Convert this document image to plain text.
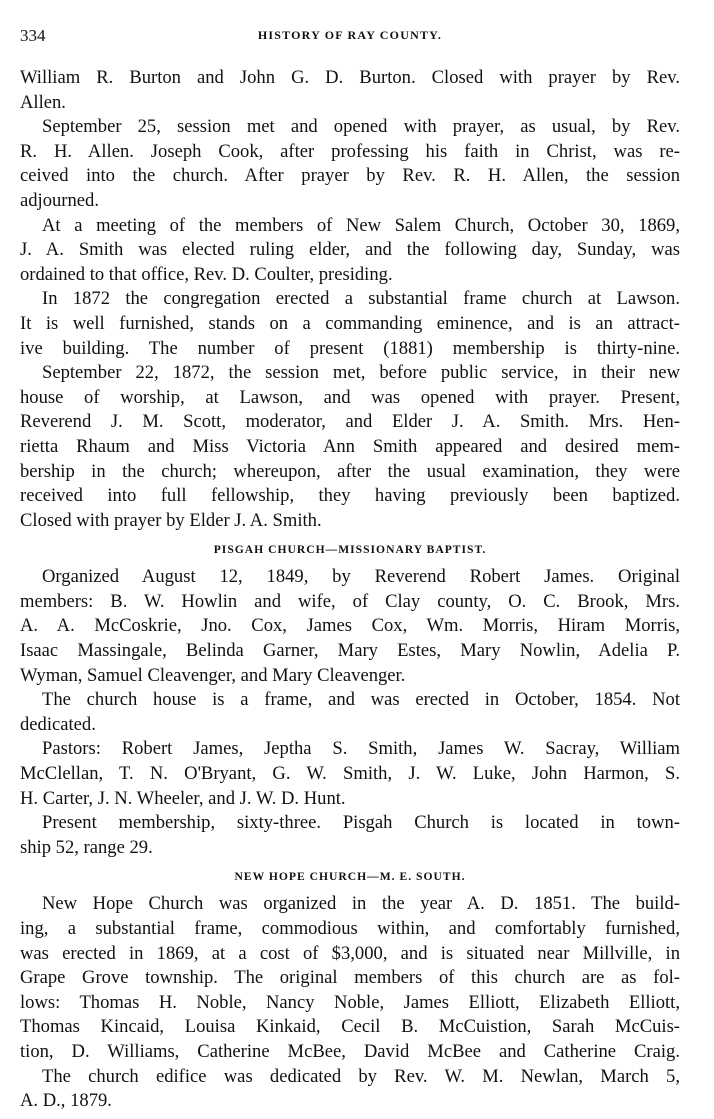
334	HISTORY OF RAY COUNTY.

William R. Burton and John G. D. Burton. Closed with prayer by Rev.
Allen.

September 25, session met and opened with prayer, as usual, by Rev.
R. H. Allen. Joseph Cook, after professing his faith in Christ, was re-
ceived into the church. After prayer by Rev. R. H. Allen, the session
adjourned.

At a meeting of the members of New Salem Church, October 30, 1869,
J. A. Smith was elected ruling elder, and the following day, Sunday, was
ordained to that office, Rev. D. Coulter, presiding.

In 1872 the congregation erected a substantial frame church at Lawson.
It is well furnished, stands on a commanding eminence, and is an attract-
ive building. The number of present (1881) membership is thirty-nine.

September 22, 1872, the session met, before public service, in their new
house of worship, at Lawson, and was opened with prayer. Present,
Reverend J. M. Scott, moderator, and Elder J. A. Smith. Mrs. Hen-
rietta Rhaum and Miss Victoria Ann Smith appeared and desired mem-
bership in the church; whereupon, after the usual examination, they were
received into full fellowship, they having previously been baptized.
Closed with prayer by Elder J. A. Smith.

PISGAH CHURCH—MISSIONARY BAPTIST.

Organized August 12, 1849, by Reverend Robert James. Original
members: B. W. Howlin and wife, of Clay county, O. C. Brook, Mrs.
A. A. McCoskrie, Jno. Cox, James Cox, Wm. Morris, Hiram Morris,
Isaac Massingale, Belinda Garner, Mary Estes, Mary Nowlin, Adelia P.
Wyman, Samuel Cleavenger, and Mary Cleavenger.

The church house is a frame, and was erected in October, 1854. Not
dedicated.

Pastors: Robert James, Jeptha S. Smith, James W. Sacray, William
McClellan, T. N. O'Bryant, G. W. Smith, J. W. Luke, John Harmon, S.
H. Carter, J. N. Wheeler, and J. W. D. Hunt.

Present membership, sixty-three. Pisgah Church is located in town-
ship 52, range 29.

NEW HOPE CHURCH—M. E. SOUTH.

New Hope Church was organized in the year A. D. 1851. The build-
ing, a substantial frame, commodious within, and comfortably furnished,
was erected in 1869, at a cost of $3,000, and is situated near Millville, in
Grape Grove township. The original members of this church are as fol-
lows: Thomas H. Noble, Nancy Noble, James Elliott, Elizabeth Elliott,
Thomas Kincaid, Louisa Kinkaid, Cecil B. McCuistion, Sarah McCuis-
tion, D. Williams, Catherine McBee, David McBee and Catherine Craig.

The church edifice was dedicated by Rev. W. M. Newlan, March 5,
A. D., 1879.
